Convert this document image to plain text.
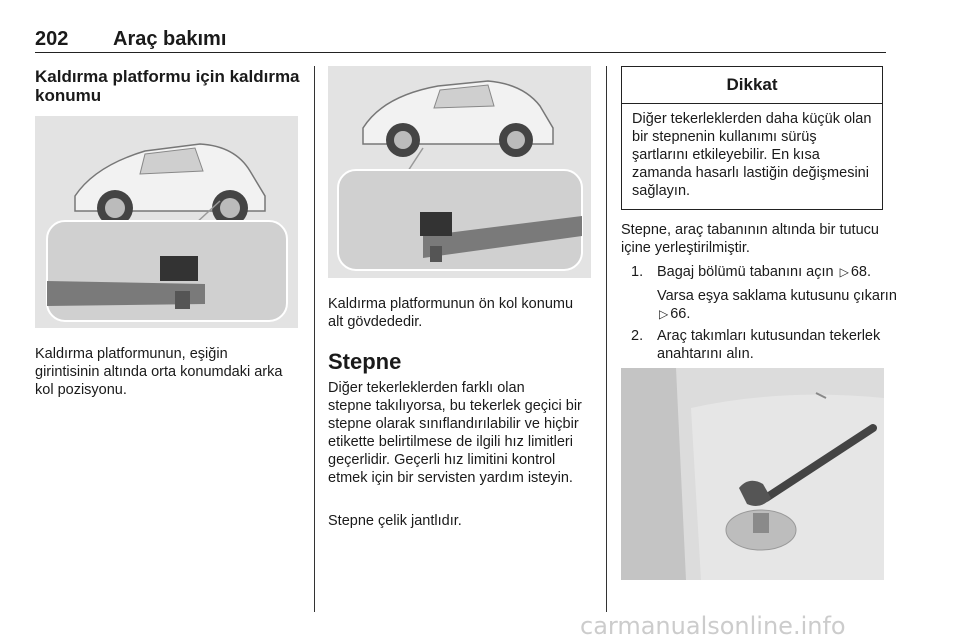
202 Araç bakımı
Kaldırma platformu için kaldırma konumu
Kaldırma platformunun, eşiğin girintisinin altında orta konumdaki arka kol pozisyonu.
Kaldırma platformunun ön kol konumu alt gövdededir.
Stepne
Diğer tekerleklerden farklı olan
stepne takılıyorsa, bu tekerlek geçici bir stepne olarak sınıflandırılabilir ve hiçbir etikette belirtilmese de ilgili hız limitleri geçerlidir. Geçerli hız limitini kontrol etmek için bir servisten yardım isteyin.
Stepne çelik jantlıdır.
Dikkat
Diğer tekerleklerden daha küçük olan bir stepnenin kullanımı sürüş şartlarını etkileyebilir. En kısa zamanda hasarlı lastiğin değişmesini sağlayın.
Stepne, araç tabanının altında bir tutucu içine yerleştirilmiştir.
1. Bagaj bölümü tabanını açın ▷ 68.
Varsa eşya saklama kutusunu çıkarın ▷ 66.
2. Araç takımları kutusundan tekerlek anahtarını alın.
carmanualsonline.info
